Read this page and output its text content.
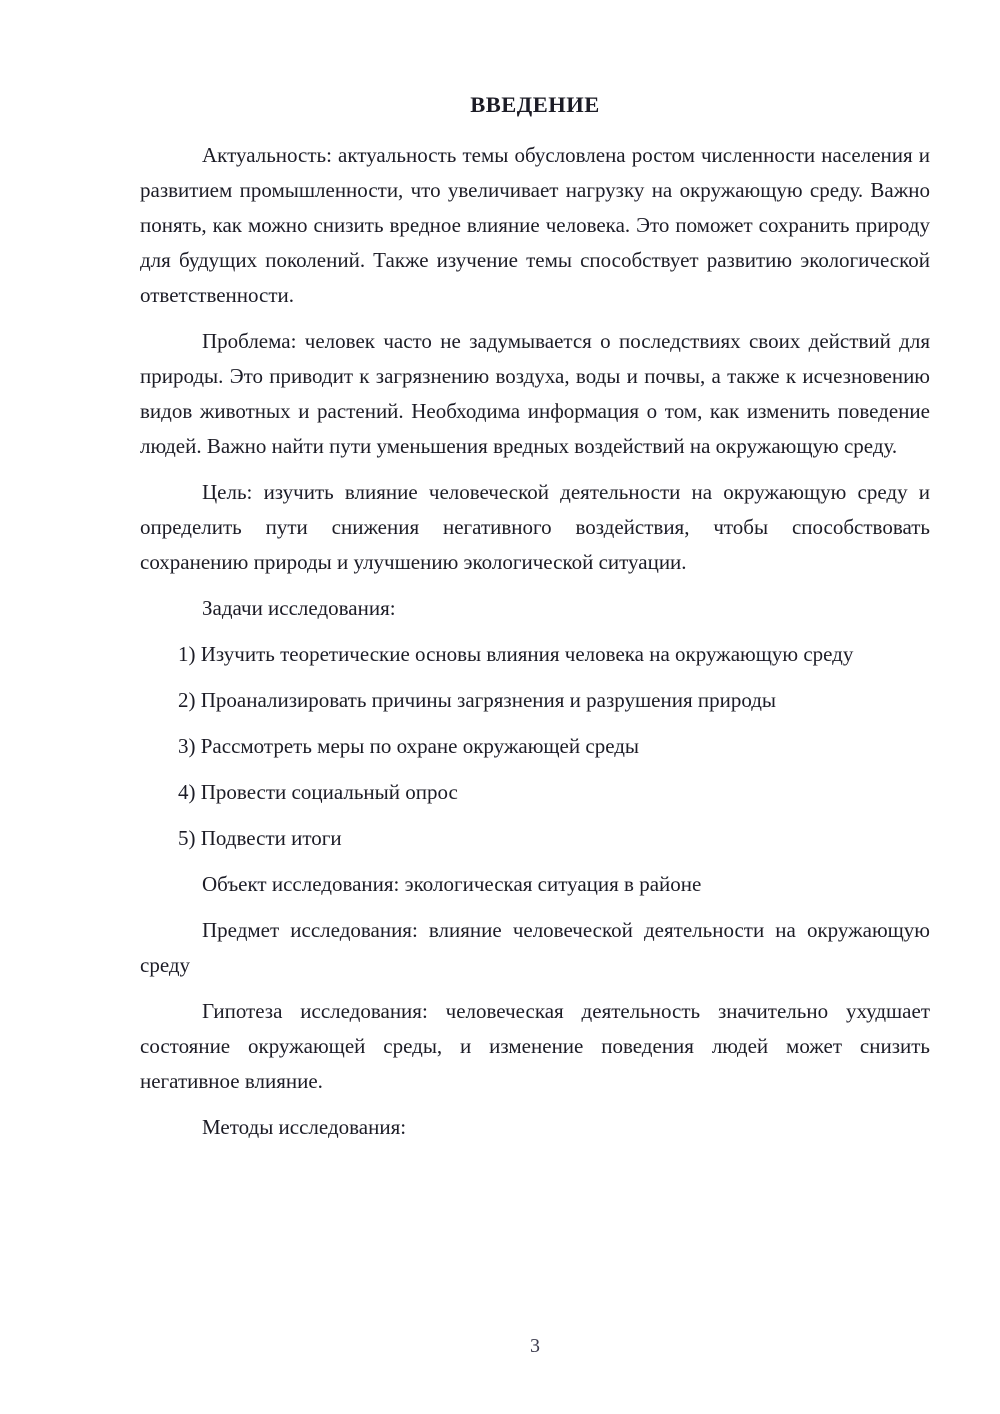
ВВЕДЕНИЕ

Актуальность: актуальность темы обусловлена ростом численности населения и развитием промышленности, что увеличивает нагрузку на окружающую среду. Важно понять, как можно снизить вредное влияние человека. Это поможет сохранить природу для будущих поколений. Также изучение темы способствует развитию экологической ответственности.

Проблема: человек часто не задумывается о последствиях своих действий для природы. Это приводит к загрязнению воздуха, воды и почвы, а также к исчезновению видов животных и растений. Необходима информация о том, как изменить поведение людей. Важно найти пути уменьшения вредных воздействий на окружающую среду.

Цель: изучить влияние человеческой деятельности на окружающую среду и определить пути снижения негативного воздействия, чтобы способствовать сохранению природы и улучшению экологической ситуации.

Задачи исследования:

1) Изучить теоретические основы влияния человека на окружающую среду

2) Проанализировать причины загрязнения и разрушения природы

3) Рассмотреть меры по охране окружающей среды

4) Провести социальный опрос

5) Подвести итоги

Объект исследования: экологическая ситуация в районе

Предмет исследования: влияние человеческой деятельности на окружающую среду

Гипотеза исследования: человеческая деятельность значительно ухудшает состояние окружающей среды, и изменение поведения людей может снизить негативное влияние.

Методы исследования:

3
